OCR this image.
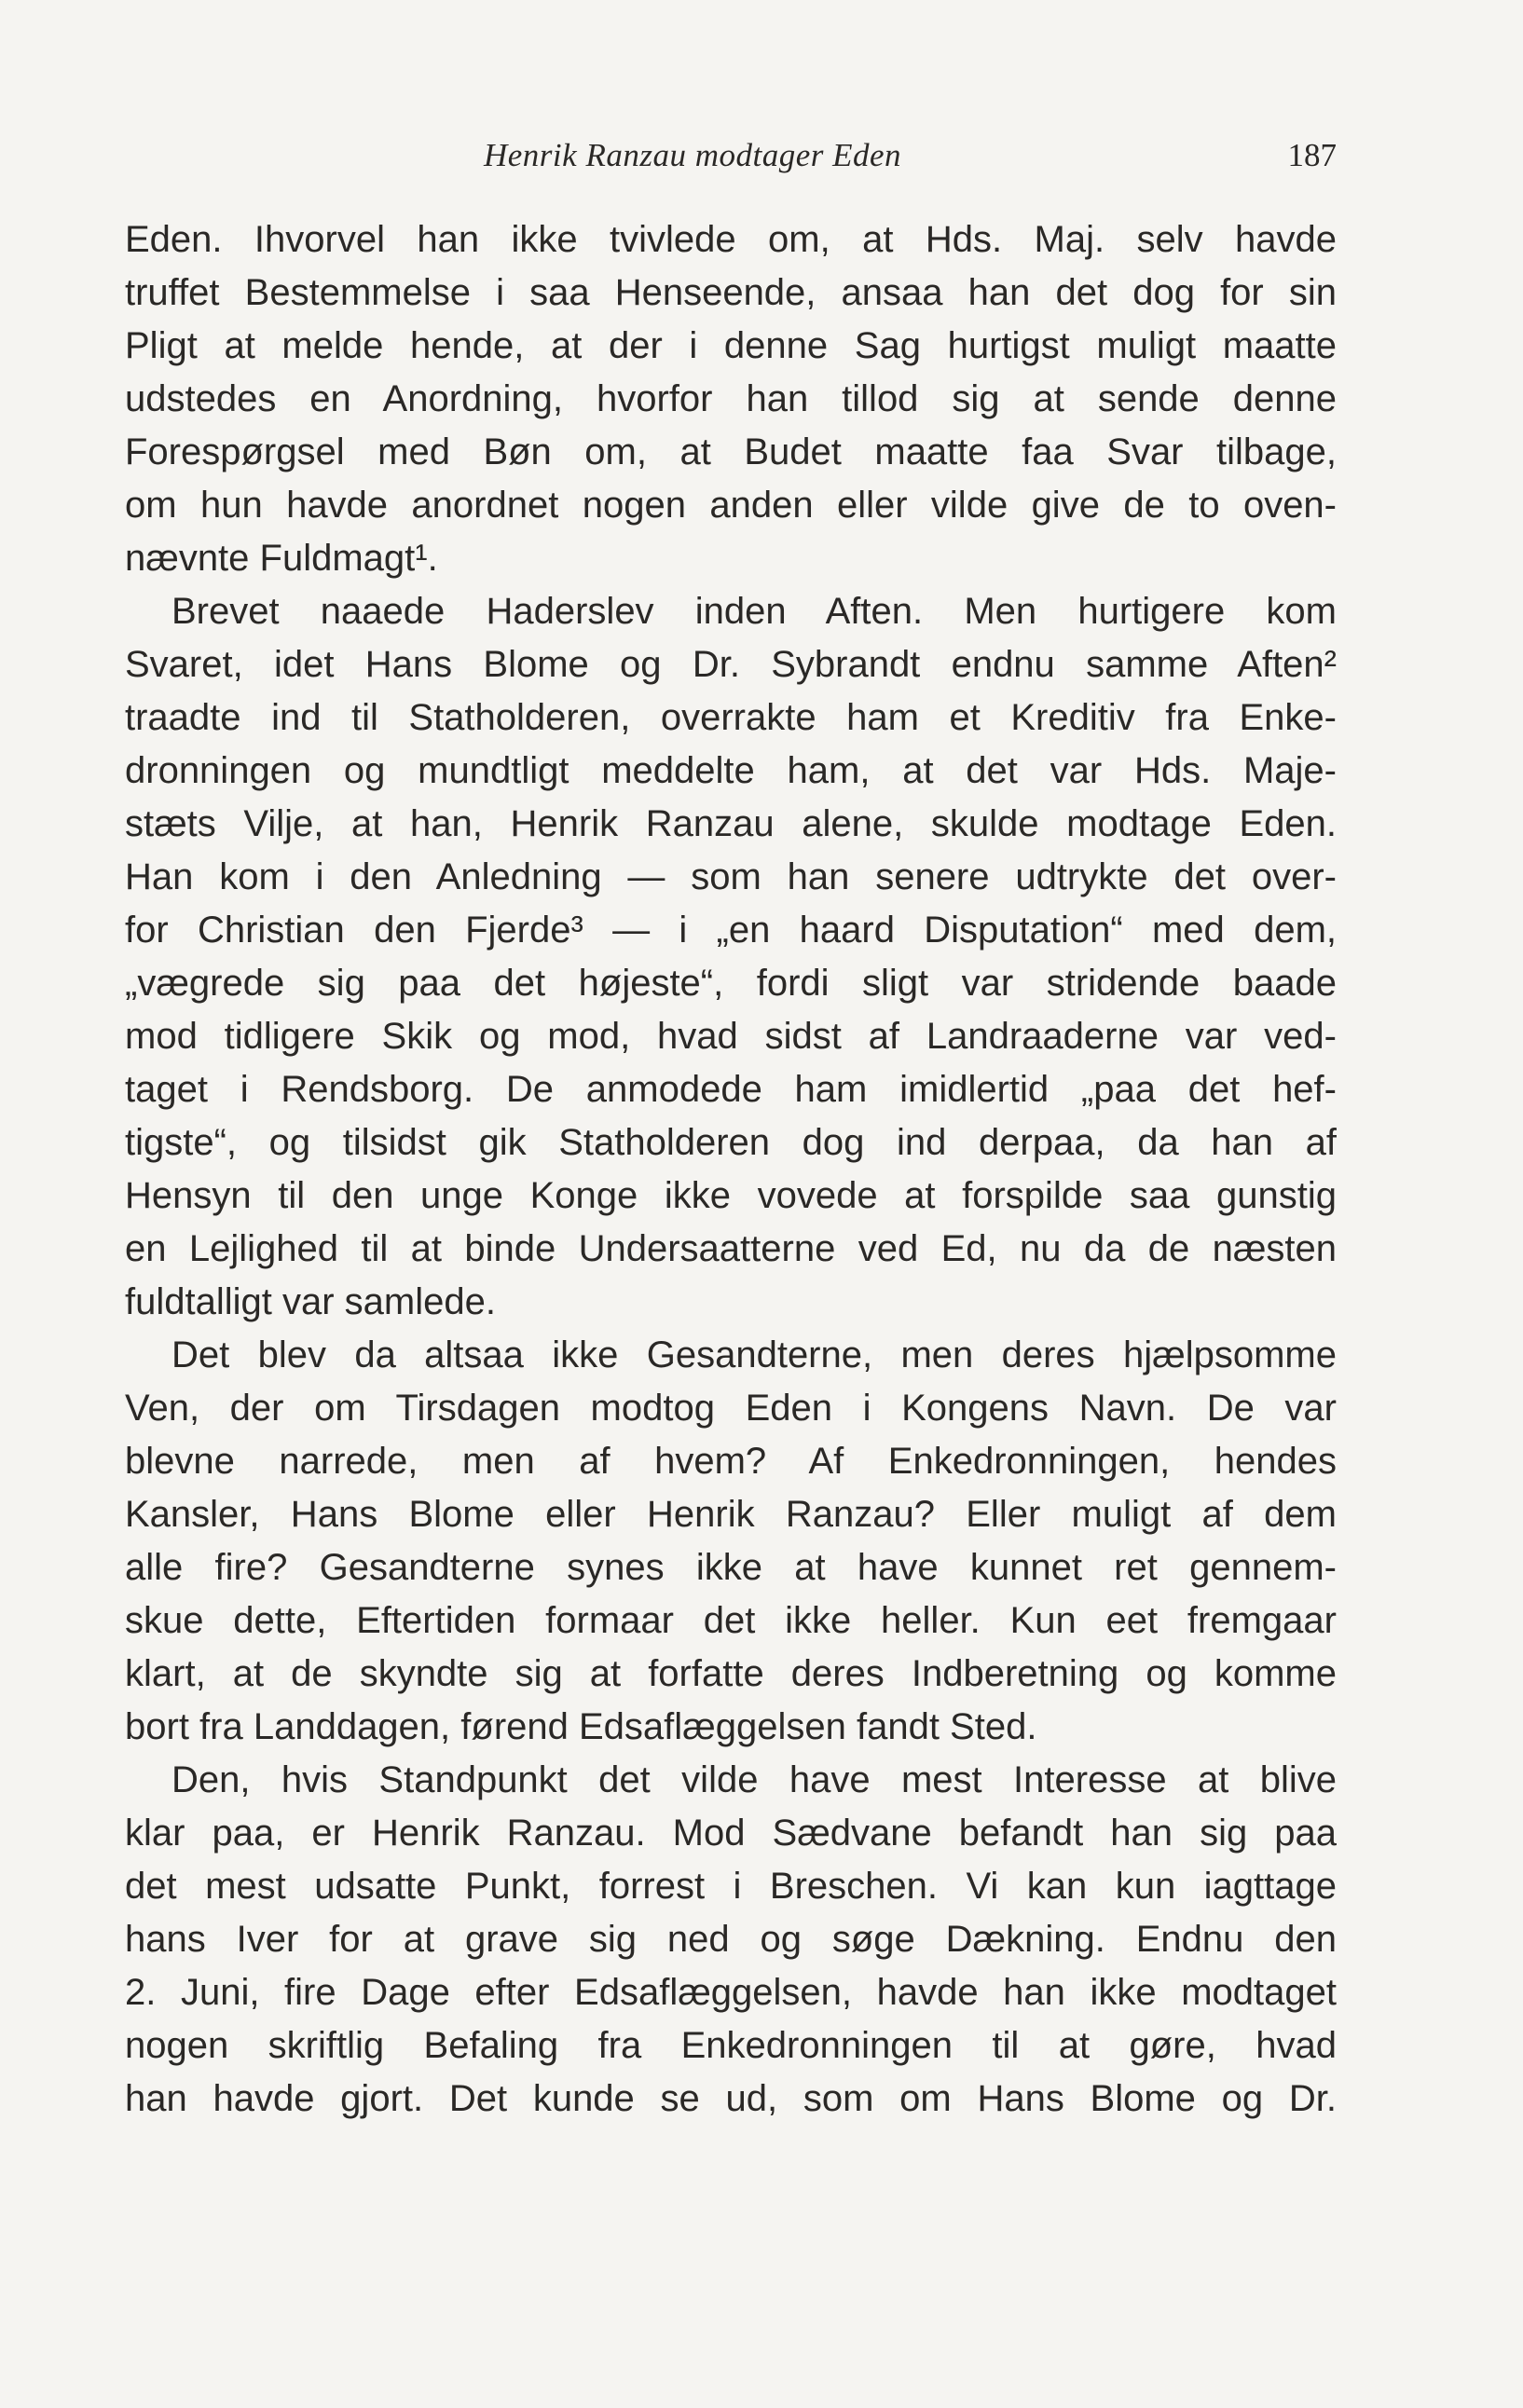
Henrik Ranzau modtager Eden	187
Eden. Ihvorvel han ikke tvivlede om, at Hds. Maj. selv havde
truffet Bestemmelse i saa Henseende, ansaa han det dog for sin
Pligt at melde hende, at der i denne Sag hurtigst muligt maatte
udstedes en Anordning, hvorfor han tillod sig at sende denne
Forespørgsel med Bøn om, at Budet maatte faa Svar tilbage,
om hun havde anordnet nogen anden eller vilde give de to oven-
nævnte Fuldmagt¹.
Brevet naaede Haderslev inden Aften. Men hurtigere kom
Svaret, idet Hans Blome og Dr. Sybrandt endnu samme Aften²
traadte ind til Statholderen, overrakte ham et Kreditiv fra Enke-
dronningen og mundtligt meddelte ham, at det var Hds. Maje-
stæts Vilje, at han, Henrik Ranzau alene, skulde modtage Eden.
Han kom i den Anledning — som han senere udtrykte det over-
for Christian den Fjerde³ — i „en haard Disputation“ med dem,
„vægrede sig paa det højeste“, fordi sligt var stridende baade
mod tidligere Skik og mod, hvad sidst af Landraaderne var ved-
taget i Rendsborg. De anmodede ham imidlertid „paa det hef-
tigste“, og tilsidst gik Statholderen dog ind derpaa, da han af
Hensyn til den unge Konge ikke vovede at forspilde saa gunstig
en Lejlighed til at binde Undersaatterne ved Ed, nu da de næsten
fuldtalligt var samlede.
Det blev da altsaa ikke Gesandterne, men deres hjælpsomme
Ven, der om Tirsdagen modtog Eden i Kongens Navn. De var
blevne narrede, men af hvem? Af Enkedronningen, hendes
Kansler, Hans Blome eller Henrik Ranzau? Eller muligt af dem
alle fire? Gesandterne synes ikke at have kunnet ret gennem-
skue dette, Eftertiden formaar det ikke heller. Kun eet fremgaar
klart, at de skyndte sig at forfatte deres Indberetning og komme
bort fra Landdagen, førend Edsaflæggelsen fandt Sted.
Den, hvis Standpunkt det vilde have mest Interesse at blive
klar paa, er Henrik Ranzau. Mod Sædvane befandt han sig paa
det mest udsatte Punkt, forrest i Breschen. Vi kan kun iagttage
hans Iver for at grave sig ned og søge Dækning. Endnu den
2. Juni, fire Dage efter Edsaflæggelsen, havde han ikke modtaget
nogen skriftlig Befaling fra Enkedronningen til at gøre, hvad
han havde gjort. Det kunde se ud, som om Hans Blome og Dr.
